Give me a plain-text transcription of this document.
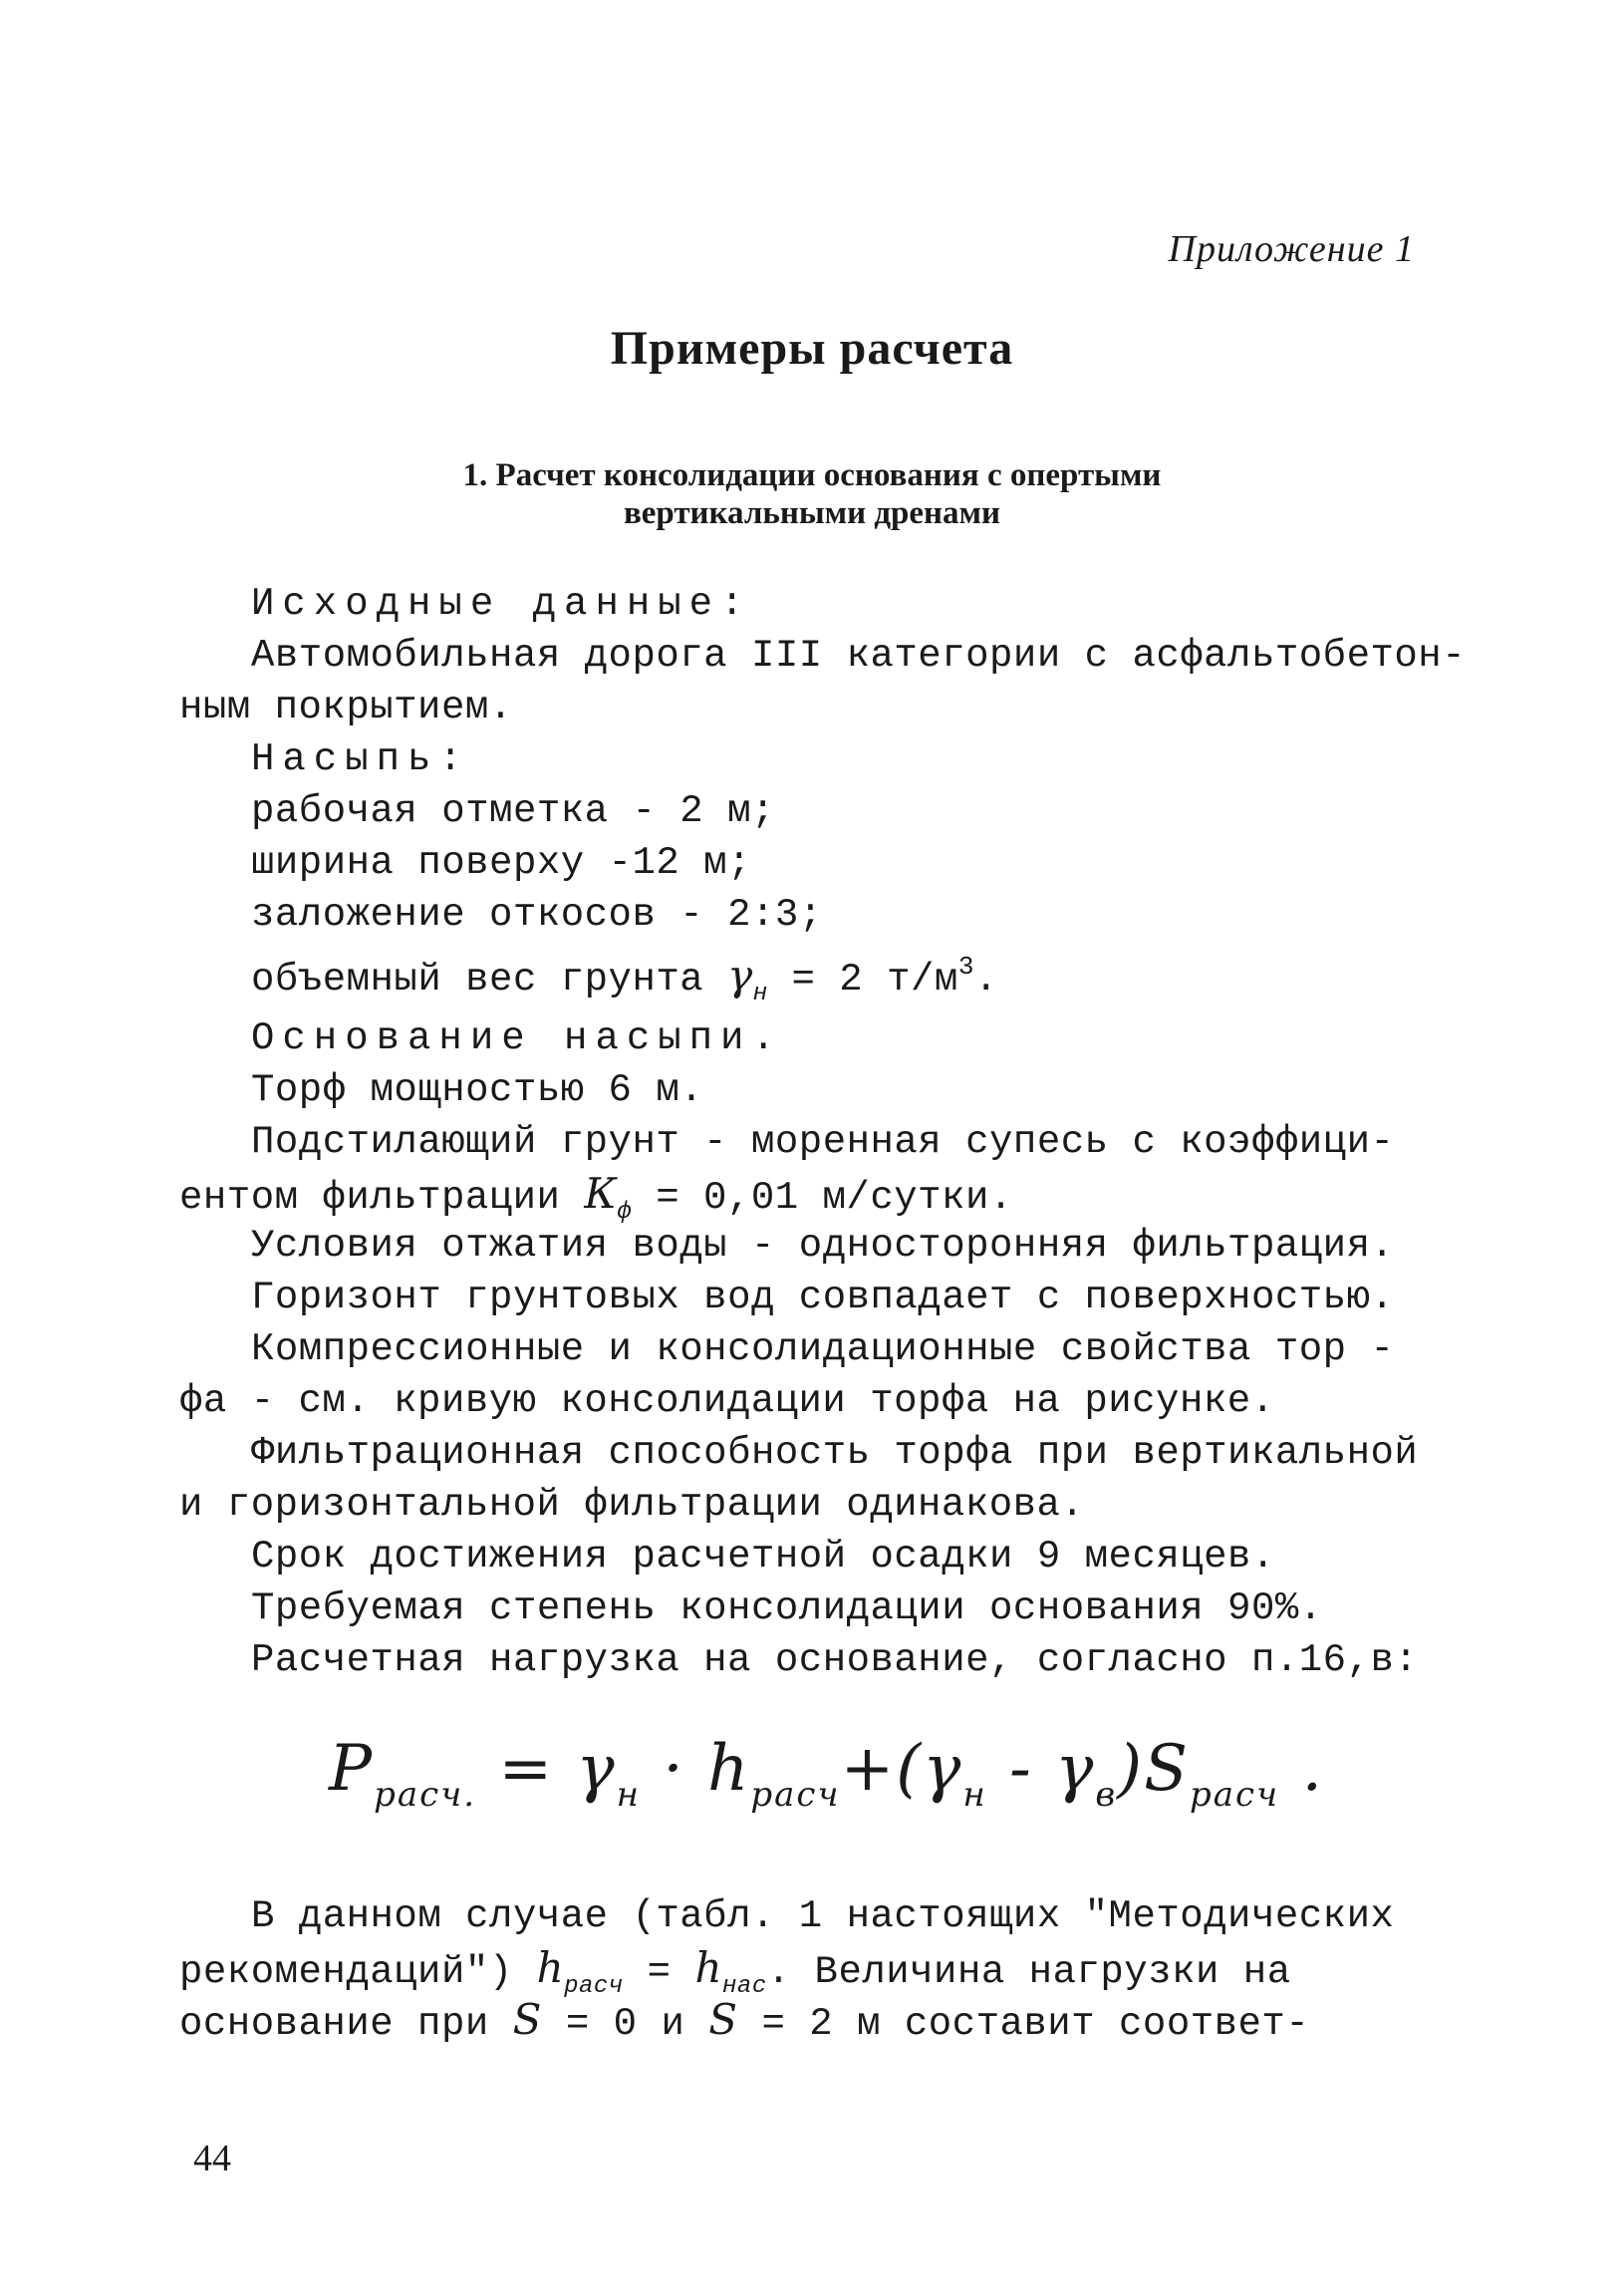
Приложение 1
Примеры расчета
1. Расчет консолидации основания с опертыми
вертикальными дренами
Исходные данные:
Автомобильная дорога III категории с асфальтобетон-
ным покрытием.
Насыпь:
рабочая отметка - 2 м;
ширина поверху -12 м;
заложение откосов - 2:3;
объемный вес грунта $\gamma_н = 2$ $т/м^3$.
Основание насыпи.
Торф мощностью 6 м.
Подстилающий грунт - моренная супесь с коэффици-
ентом фильтрации $К_ф = 0,01$ м/сутки.
Условия отжатия воды - односторонняя фильтрация.
Горизонт грунтовых вод совпадает с поверхностью.
Компрессионные и консолидационные свойства тор -
фа - см. кривую консолидации торфа на рисунке.
Фильтрационная способность торфа при вертикальной
и горизонтальной фильтрации одинакова.
Срок достижения расчетной осадки 9 месяцев.
Требуемая степень консолидации основания 90%.
Расчетная нагрузка на основание, согласно п.16,в:
$P_{расч.} = \gamma_н \cdot h_{расч}+(\gamma_н - \gamma_в)S_{расч}$ .
В данном случае (табл. 1 настоящих "Методических
рекомендаций") $h_{расч} = h_{нас}$. Величина нагрузки на
основание при S = 0 и S = 2 м составит соответ-
44
